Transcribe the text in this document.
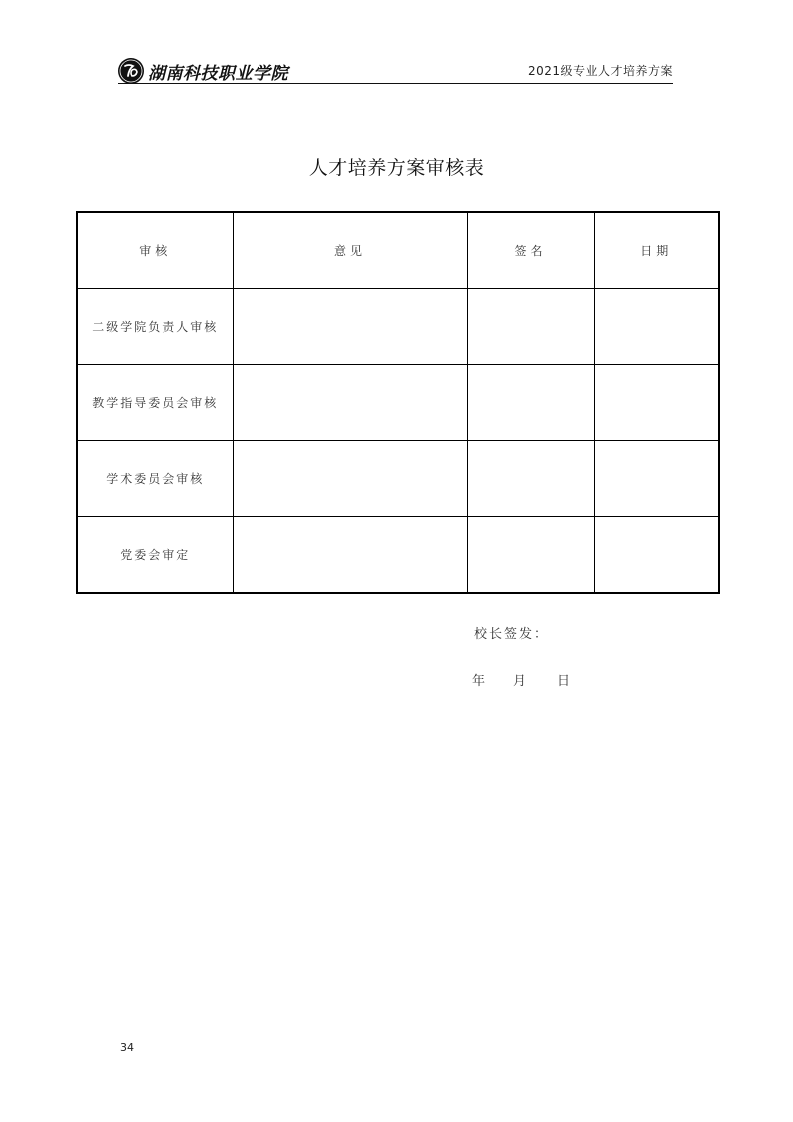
湖南科技职业学院	2021级专业人才培养方案
人才培养方案审核表
审核	意见	签名	日期
二级学院负责人审核			
教学指导委员会审核			
学术委员会审核			
党委会审定			
校长签发：
年 月 日
34
